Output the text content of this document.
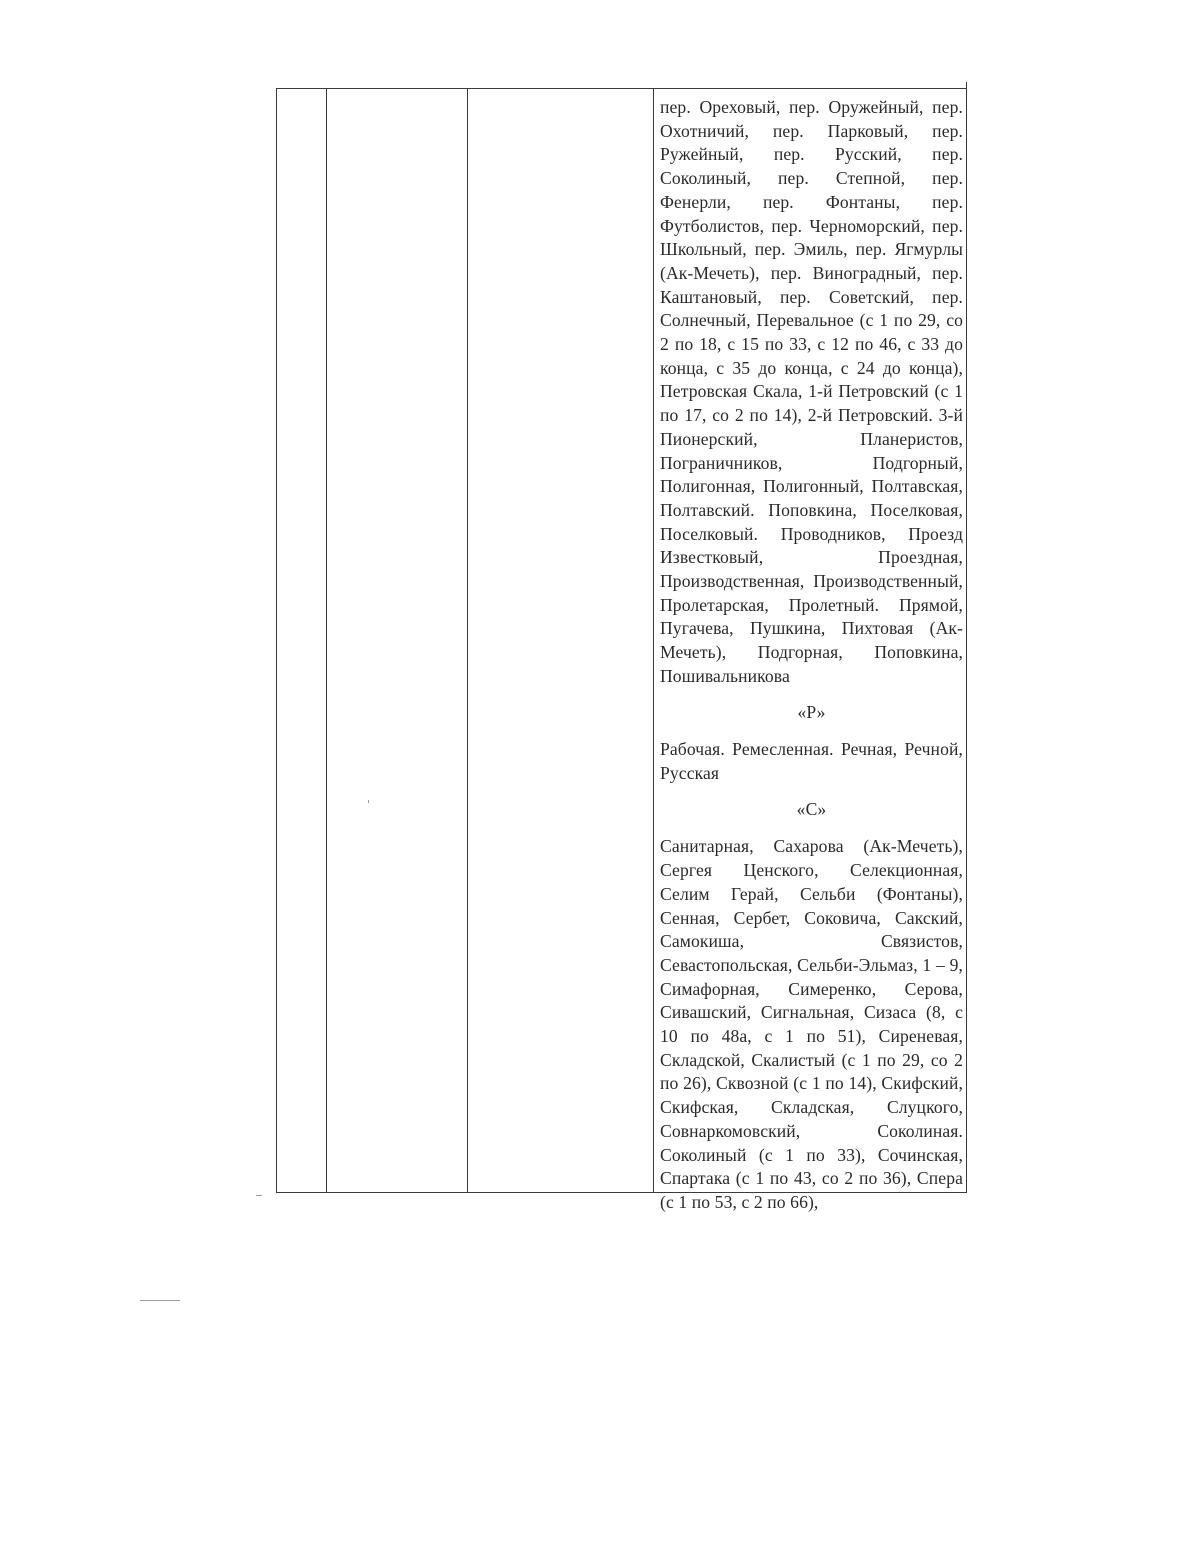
пер. Ореховый, пер. Оружейный, пер. Охотничий, пер. Парковый, пер. Ружейный, пер. Русский, пер. Соколиный, пер. Степной, пер. Фенерли, пер. Фонтаны, пер. Футболистов, пер. Черноморский, пер. Школьный, пер. Эмиль, пер. Ягмурлы (Ак-Мечеть), пер. Виноградный, пер. Каштановый, пер. Советский, пер. Солнечный, Перевальное (с 1 по 29, со 2 по 18, с 15 по 33, с 12 по 46, с 33 до конца, с 35 до конца, с 24 до конца), Петровская Скала, 1-й Петровский (с 1 по 17, со 2 по 14), 2-й Петровский. 3-й Пионерский, Планеристов, Пограничников, Подгорный, Полигонная, Полигонный, Полтавская, Полтавский. Поповкина, Поселковая, Поселковый. Проводников, Проезд Известковый, Проездная, Производственная, Производственный, Пролетарская, Пролетный. Прямой, Пугачева, Пушкина, Пихтовая (Ак-Мечеть), Подгорная, Поповкина, Пошивальникова

«Р»

Рабочая. Ремесленная. Речная, Речной, Русская

«С»

Санитарная, Сахарова (Ак-Мечеть), Сергея Ценского, Селекционная, Селим Герай, Сельби (Фонтаны), Сенная, Сербет, Соковича, Сакский, Самокиша, Связистов, Севастопольская, Сельби-Эльмаз, 1 – 9, Симафорная, Симеренко, Серова, Сивашский, Сигнальная, Сизаса (8, с 10 по 48а, с 1 по 51), Сиреневая, Складской, Скалистый (с 1 по 29, со 2 по 26), Сквозной (с 1 по 14), Скифский, Скифская, Складская, Слуцкого, Совнаркомовский, Соколиная. Соколиный (с 1 по 33), Сочинская, Спартака (с 1 по 43, со 2 по 36), Спера (с 1 по 53, с 2 по 66),
